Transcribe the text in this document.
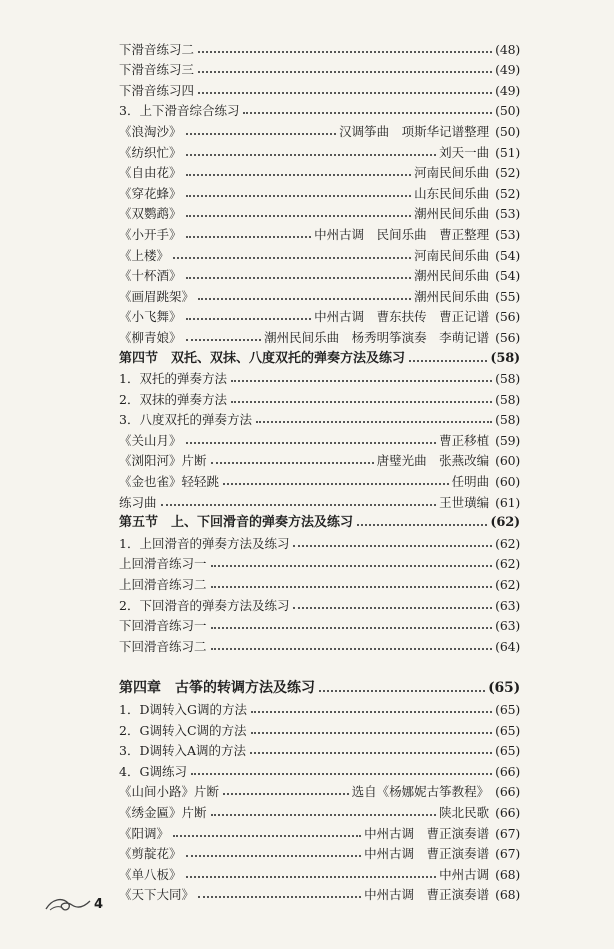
下滑音练习二	(48)
下滑音练习三	(49)
下滑音练习四	(49)
3．上下滑音综合练习	(50)
《浪淘沙》	汉调筝曲　项斯华记谱整理 (50)
《纺织忙》	刘天一曲 (51)
《自由花》	河南民间乐曲 (52)
《穿花蜂》	山东民间乐曲 (52)
《双鹦鹉》	潮州民间乐曲 (53)
《小开手》	中州古调　民间乐曲　曹正整理 (53)
《上楼》	河南民间乐曲 (54)
《十杯酒》	潮州民间乐曲 (54)
《画眉跳架》	潮州民间乐曲 (55)
《小飞舞》	中州古调　曹东扶传　曹正记谱 (56)
《柳青娘》	潮州民间乐曲　杨秀明筝演奏　李萌记谱 (56)
第四节　双托、双抹、八度双托的弹奏方法及练习	(58)
1．双托的弹奏方法	(58)
2．双抹的弹奏方法	(58)
3．八度双托的弹奏方法	(58)
《关山月》	曹正移植 (59)
《浏阳河》片断	唐璧光曲　张燕改编 (60)
《金也雀》轻轻跳	任明曲 (60)
练习曲	王世璜编 (61)
第五节　上、下回滑音的弹奏方法及练习	(62)
1．上回滑音的弹奏方法及练习	(62)
上回滑音练习一	(62)
上回滑音练习二	(62)
2．下回滑音的弹奏方法及练习	(63)
下回滑音练习一	(63)
下回滑音练习二	(64)
第四章　古筝的转调方法及练习	(65)
1．D调转入G调的方法	(65)
2．G调转入C调的方法	(65)
3．D调转入A调的方法	(65)
4．G调练习	(66)
《山间小路》片断	选自《杨娜妮古筝教程》 (66)
《绣金匾》片断	陕北民歌 (66)
《阳调》	中州古调　曹正演奏谱 (67)
《剪靛花》	中州古调　曹正演奏谱 (67)
《单八板》	中州古调 (68)
《天下大同》	中州古调　曹正演奏谱 (68)
4
